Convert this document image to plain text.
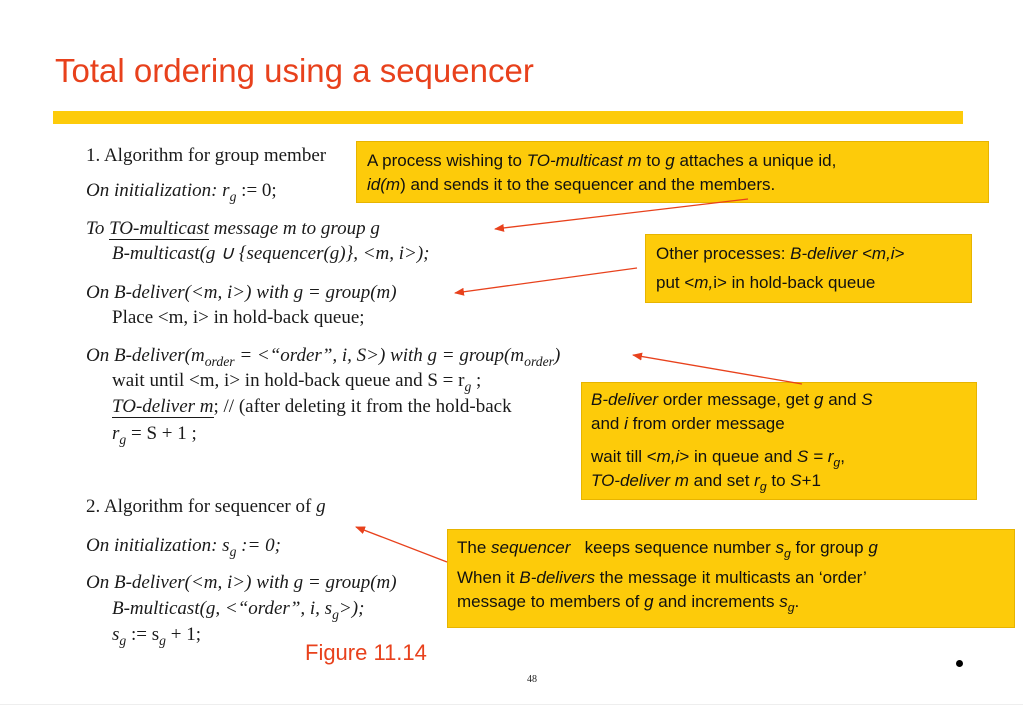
Total ordering using a sequencer
1. Algorithm for group member
On initialization: $r_g$ := 0;
To TO-multicast message m to group g
B-multicast(g ∪ {sequencer(g)}, <m, i>);
On B-deliver(<m, i>) with g = group(m)
Place <m, i> in hold-back queue;
On $B-deliver(m_{order}$ = <“order”, i, S>) with $g = group(m_{order})$
wait until <m, i> in hold-back queue and $S = r_g$ ;
TO-deliver m; // (after deleting it from the hold-back
$r_g = S + 1$ ;
2. Algorithm for sequencer of g
On initialization: $s_g$ := 0;
On B-deliver(<m, i>) with g = group(m)
B-multicast(g, <“order”, i, $s_g>$);
$s_g$ := $s_g + 1$;
A process wishing to TO-multicast m to g attaches a unique id,
id(m) and sends it to the sequencer and the members.
Other processes: B-deliver <m,i>
put <m,i> in hold-back queue
B-deliver order message, get g and S
and i from order message
wait till <m,i> in queue and $S = r_g$,
TO-deliver m and set $r_g$ to S+1
The sequencer   keeps sequence number $s_g$ for group g
When it B-delivers the message it multicasts an ‘order’
message to members of g and increments $s_g$.
Figure 11.14
48
